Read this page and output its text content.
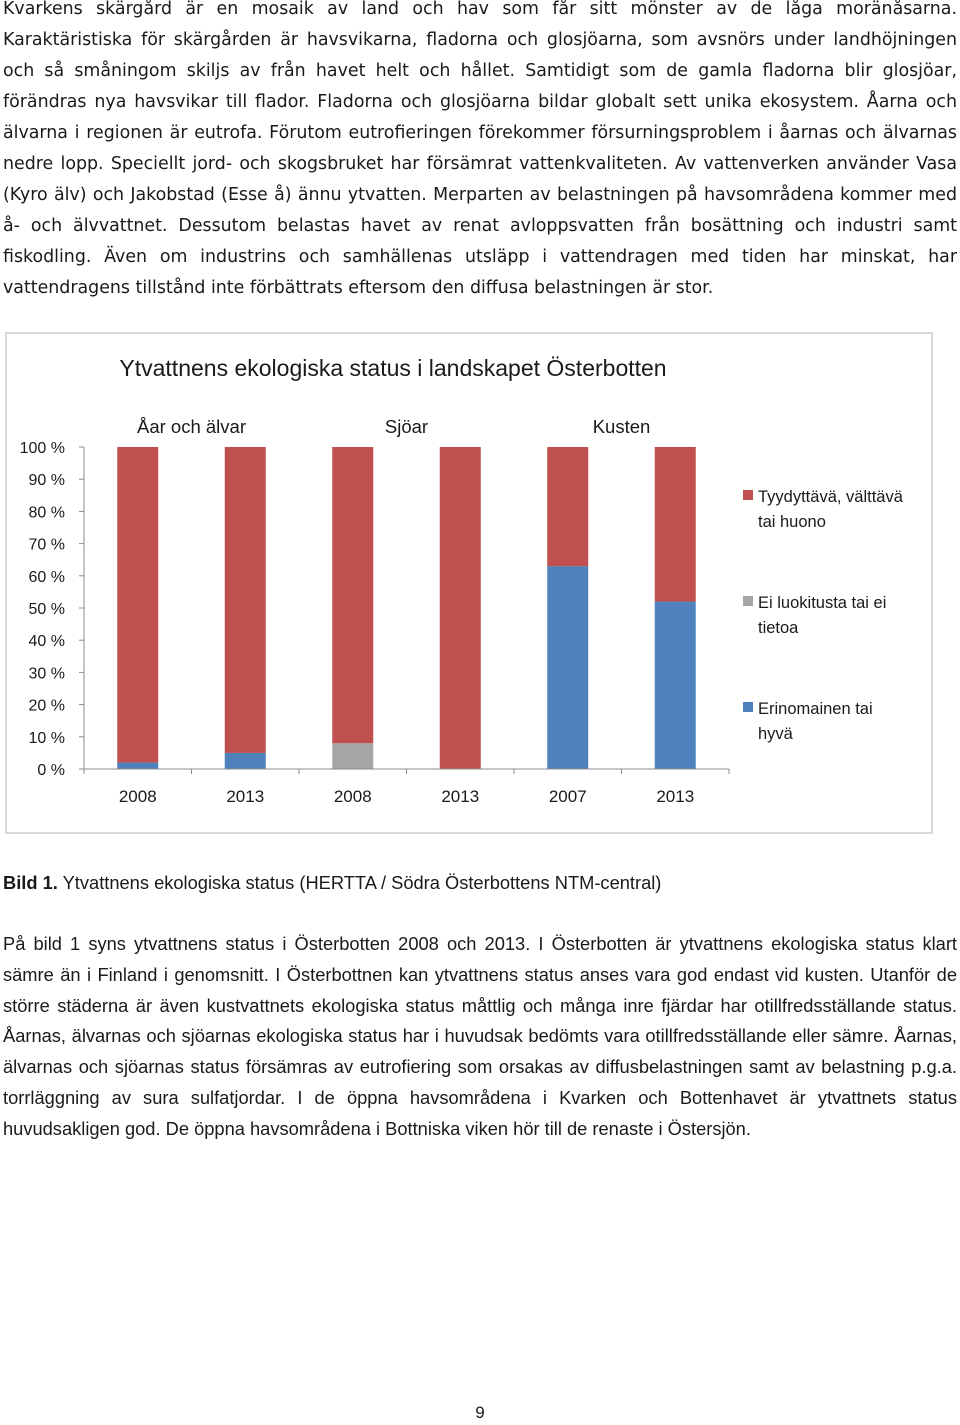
Kvarkens skärgård är en mosaik av land och hav som får sitt mönster av de låga moränåsarna. Karaktäristiska för skärgården är havsvikarna, fladorna och glosjöarna, som avsnörs under landhöjningen och så småningom skiljs av från havet helt och hållet. Samtidigt som de gamla fladorna blir glosjöar, förändras nya havsvikar till flador. Fladorna och glosjöarna bildar globalt sett unika ekosystem. Åarna och älvarna i regionen är eutrofa. Förutom eutrofieringen förekommer försurningsproblem i åarnas och älvarnas nedre lopp. Speciellt jord- och skogsbruket har försämrat vattenkvaliteten. Av vattenverken använder Vasa (Kyro älv) och Jakobstad (Esse å) ännu ytvatten. Merparten av belastningen på havsområdena kommer med å- och älvvattnet. Dessutom belastas havet av renat avloppsvatten från bosättning och industri samt fiskodling. Även om industrins och samhällenas utsläpp i vattendragen med tiden har minskat, har vattendragens tillstånd inte förbättrats eftersom den diffusa belastningen är stor.

Ytvattnens ekologiska status i landskapet Österbotten
0 %
10 %
20 %
30 %
40 %
50 %
60 %
70 %
80 %
90 %
100 %
Åar och älvar	Sjöar	Kusten
2008	2013	2008	2013	2007	2013
Tyydyttävä, välttävä
tai huono
Ei luokitusta tai ei
tietoa
Erinomainen tai
hyvä

Bild 1. Ytvattnens ekologiska status (HERTTA / Södra Österbottens NTM-central)

På bild 1 syns ytvattnens status i Österbotten 2008 och 2013. I Österbotten är ytvattnens ekologiska status klart sämre än i Finland i genomsnitt. I Österbottnen kan ytvattnens status anses vara god endast vid kusten. Utanför de större städerna är även kustvattnets ekologiska status måttlig och många inre fjärdar har otillfredsställande status. Åarnas, älvarnas och sjöarnas ekologiska status har i huvudsak bedömts vara otillfredsställande eller sämre. Åarnas, älvarnas och sjöarnas status försämras av eutrofiering som orsakas av diffusbelastningen samt av belastning p.g.a. torrläggning av sura sulfatjordar. I de öppna havsområdena i Kvarken och Bottenhavet är ytvattnets status huvudsakligen god. De öppna havsområdena i Bottniska viken hör till de renaste i Östersjön.

9
